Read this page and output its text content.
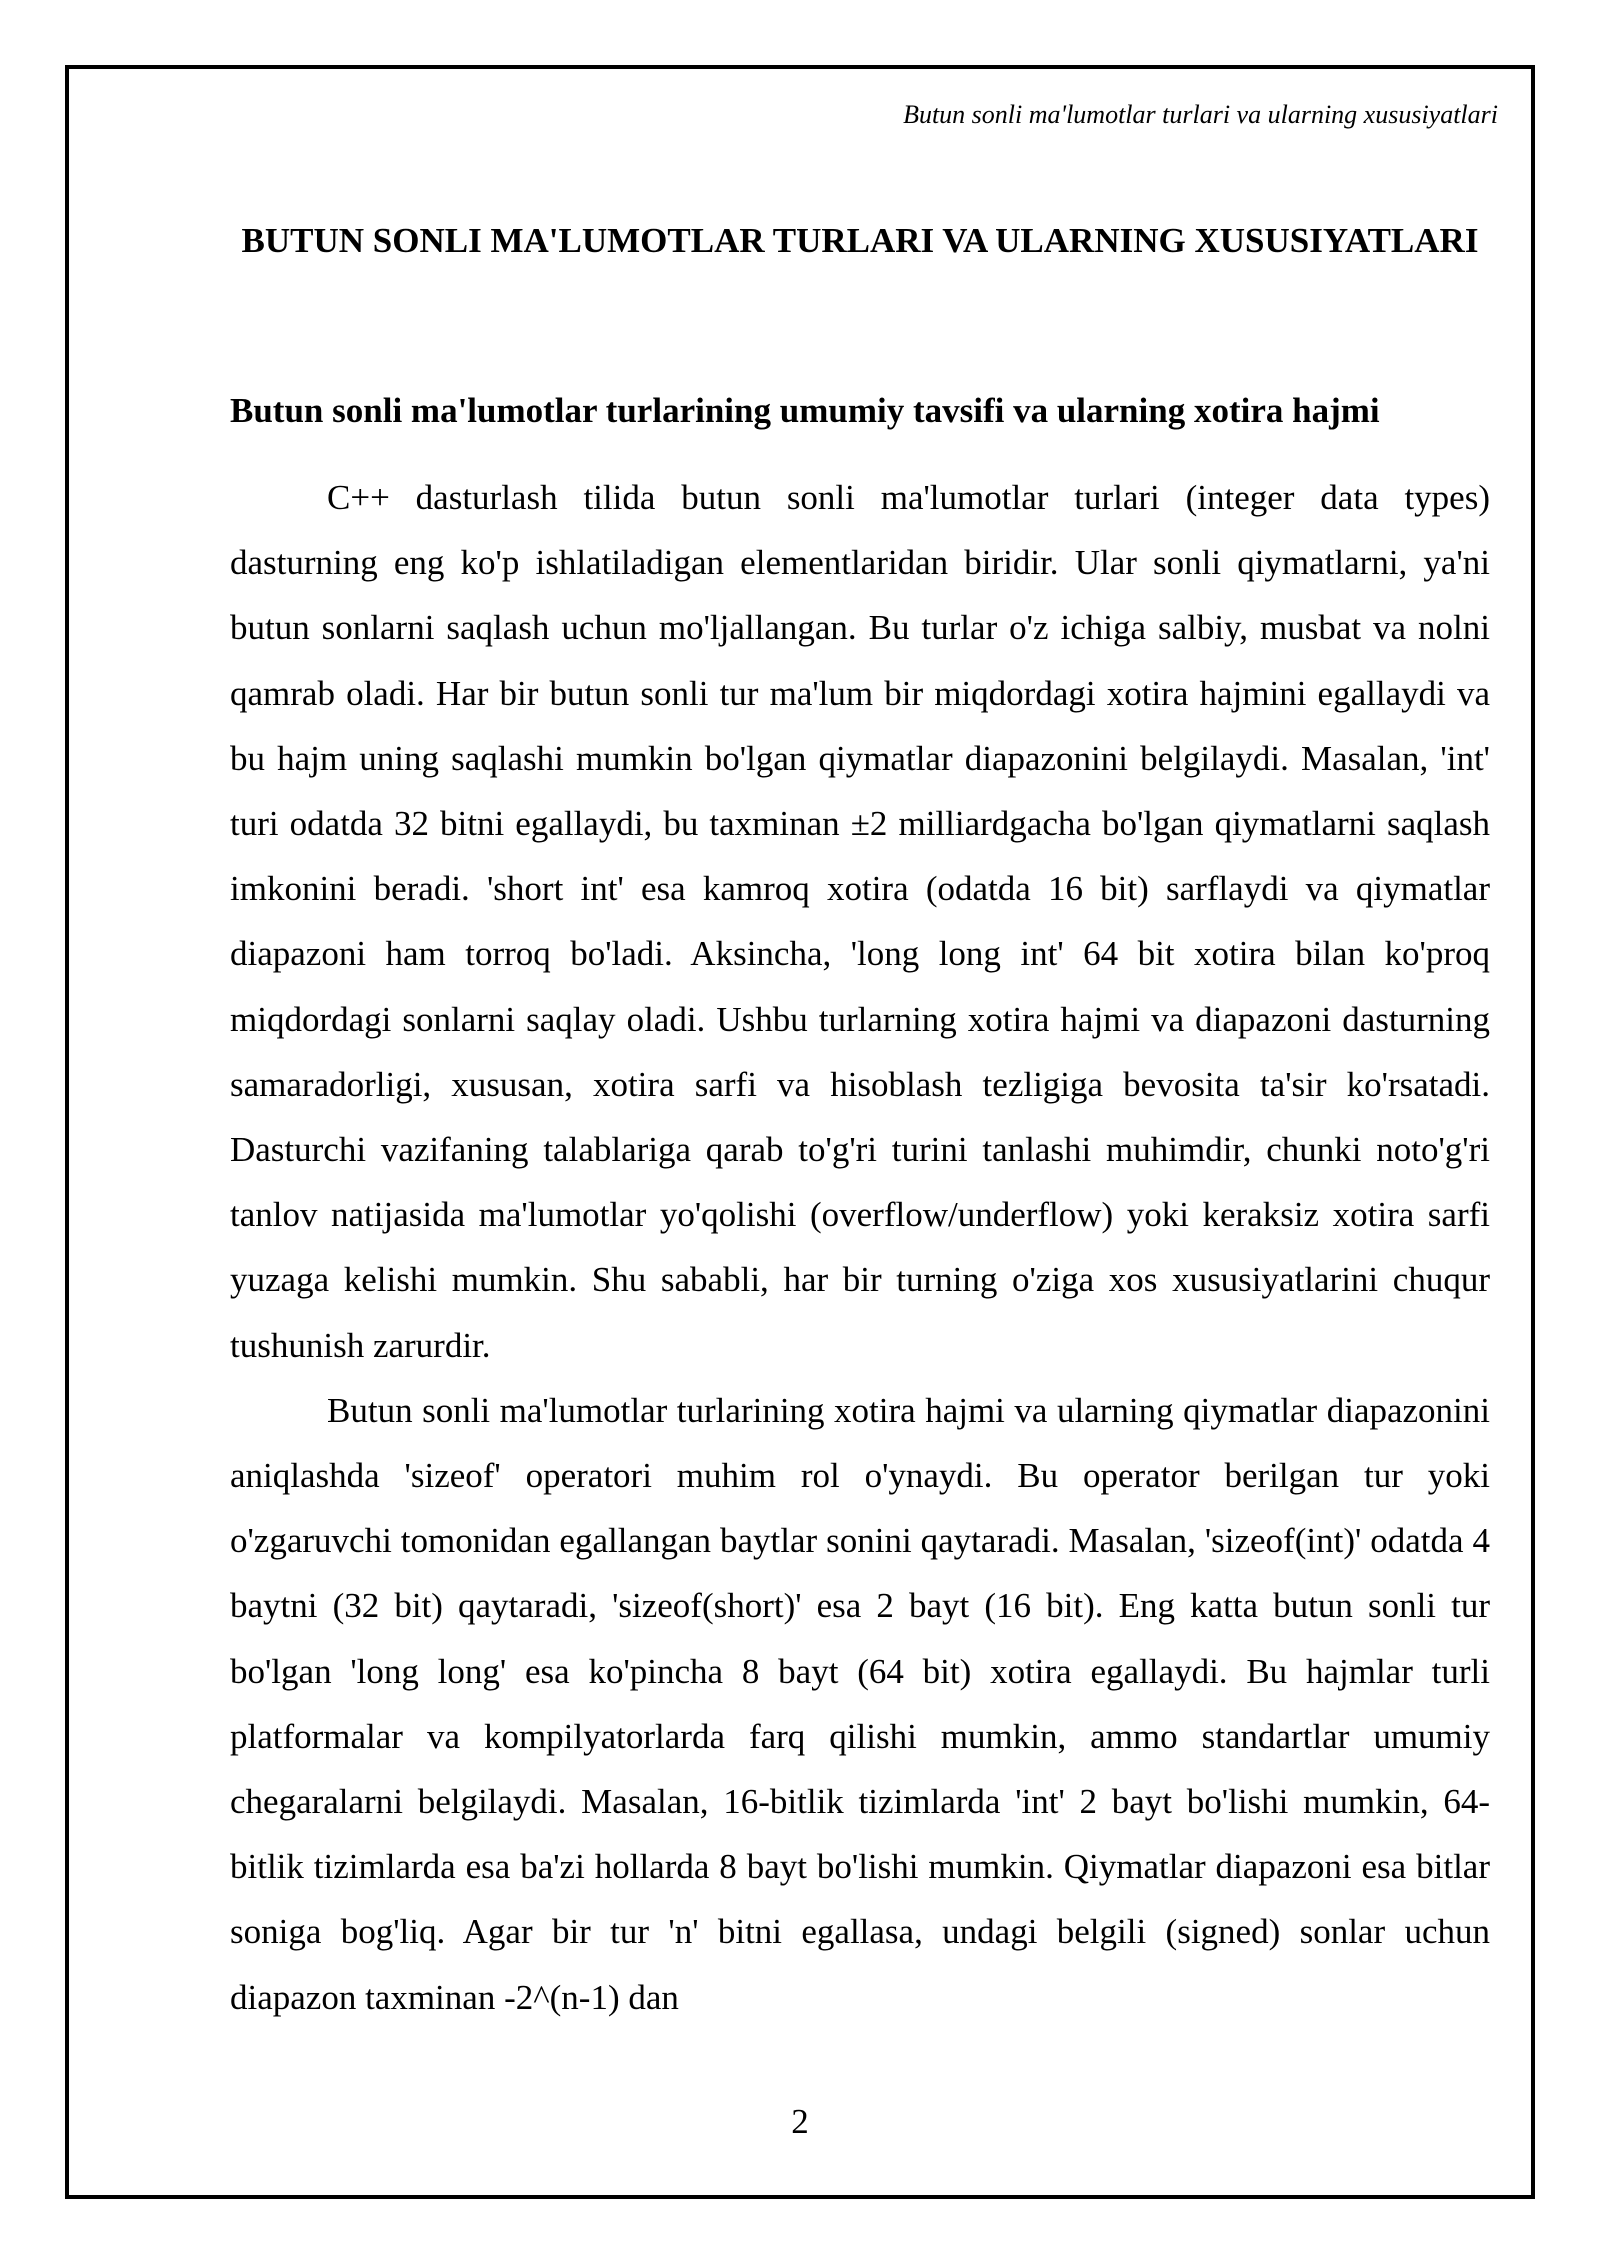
Butun sonli ma'lumotlar turlari va ularning xususiyatlari
BUTUN SONLI MA'LUMOTLAR TURLARI VA ULARNING XUSUSIYATLARI
Butun sonli ma'lumotlar turlarining umumiy tavsifi va ularning xotira hajmi

C++ dasturlash tilida butun sonli ma'lumotlar turlari (integer data types) dasturning eng ko'p ishlatiladigan elementlaridan biridir. Ular sonli qiymatlarni, ya'ni butun sonlarni saqlash uchun mo'ljallangan. Bu turlar o'z ichiga salbiy, musbat va nolni qamrab oladi. Har bir butun sonli tur ma'lum bir miqdordagi xotira hajmini egallaydi va bu hajm uning saqlashi mumkin bo'lgan qiymatlar diapazonini belgilaydi. Masalan, 'int' turi odatda 32 bitni egallaydi, bu taxminan ±2 milliardgacha bo'lgan qiymatlarni saqlash imkonini beradi. 'short int' esa kamroq xotira (odatda 16 bit) sarflaydi va qiymatlar diapazoni ham torroq bo'ladi. Aksincha, 'long long int' 64 bit xotira bilan ko'proq miqdordagi sonlarni saqlay oladi. Ushbu turlarning xotira hajmi va diapazoni dasturning samaradorligi, xususan, xotira sarfi va hisoblash tezligiga bevosita ta'sir ko'rsatadi. Dasturchi vazifaning talablariga qarab to'g'ri turini tanlashi muhimdir, chunki noto'g'ri tanlov natijasida ma'lumotlar yo'qolishi (overflow/underflow) yoki keraksiz xotira sarfi yuzaga kelishi mumkin. Shu sababli, har bir turning o'ziga xos xususiyatlarini chuqur tushunish zarurdir.

Butun sonli ma'lumotlar turlarining xotira hajmi va ularning qiymatlar diapazonini aniqlashda 'sizeof' operatori muhim rol o'ynaydi. Bu operator berilgan tur yoki o'zgaruvchi tomonidan egallangan baytlar sonini qaytaradi. Masalan, 'sizeof(int)' odatda 4 baytni (32 bit) qaytaradi, 'sizeof(short)' esa 2 bayt (16 bit). Eng katta butun sonli tur bo'lgan 'long long' esa ko'pincha 8 bayt (64 bit) xotira egallaydi. Bu hajmlar turli platformalar va kompilyatorlarda farq qilishi mumkin, ammo standartlar umumiy chegaralarni belgilaydi. Masalan, 16-bitlik tizimlarda 'int' 2 bayt bo'lishi mumkin, 64-bitlik tizimlarda esa ba'zi hollarda 8 bayt bo'lishi mumkin. Qiymatlar diapazoni esa bitlar soniga bog'liq. Agar bir tur 'n' bitni egallasa, undagi belgili (signed) sonlar uchun diapazon taxminan -2^(n-1) dan

2
